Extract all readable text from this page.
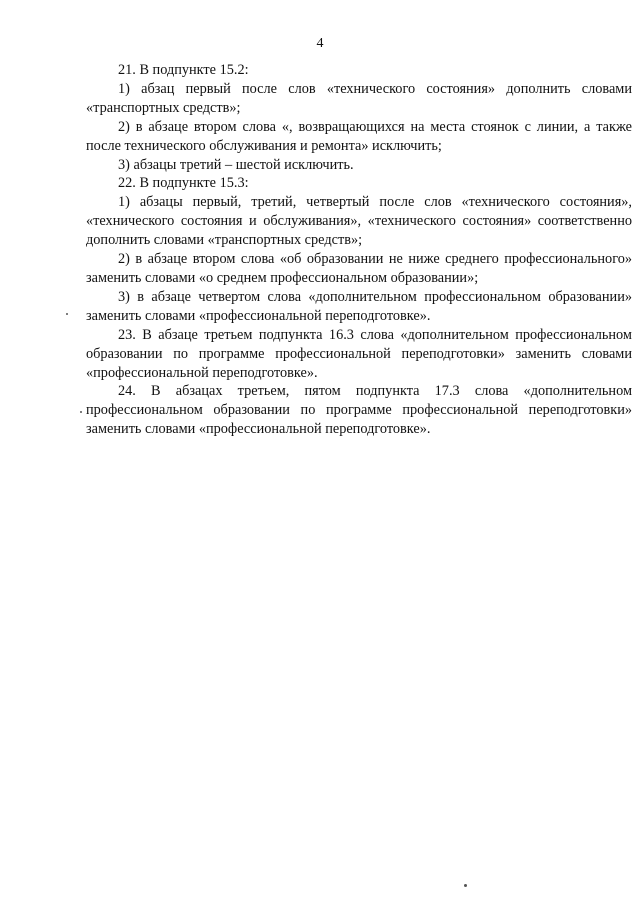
4

21. В подпункте 15.2:

1) абзац первый после слов «технического состояния» дополнить словами «транспортных средств»;

2) в абзаце втором слова «, возвращающихся на места стоянок с линии, а также после технического обслуживания и ремонта» исключить;

3) абзацы третий – шестой исключить.

22. В подпункте 15.3:

1) абзацы первый, третий, четвертый после слов «технического состояния», «технического состояния и обслуживания», «технического состояния» соответственно дополнить словами «транспортных средств»;

2) в абзаце втором слова «об образовании не ниже среднего профессионального» заменить словами «о среднем профессиональном образовании»;

3) в абзаце четвертом слова «дополнительном профессиональном образовании» заменить словами «профессиональной переподготовке».

23. В абзаце третьем подпункта 16.3 слова «дополнительном профессиональном образовании по программе профессиональной переподготовки» заменить словами «профессиональной переподготовке».

24. В абзацах третьем, пятом подпункта 17.3 слова «дополнительном профессиональном образовании по программе профессиональной переподготовки» заменить словами «профессиональной переподготовке».
